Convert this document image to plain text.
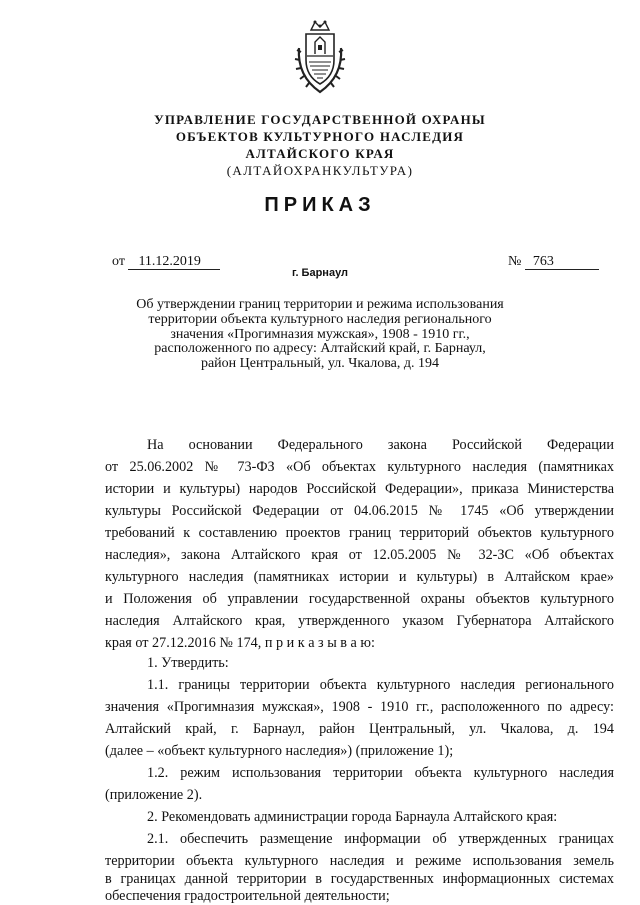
УПРАВЛЕНИЕ ГОСУДАРСТВЕННОЙ ОХРАНЫ
ОБЪЕКТОВ КУЛЬТУРНОГО НАСЛЕДИЯ
АЛТАЙСКОГО КРАЯ
(АЛТАЙОХРАНКУЛЬТУРА)
ПРИКАЗ
от 11.12.2019	№ 763
г. Барнаул
Об утверждении границ территории и режима использования
территории объекта культурного наследия регионального
значения «Прогимназия мужская», 1908 - 1910 гг.,
расположенного по адресу: Алтайский край, г. Барнаул,
район Центральный, ул. Чкалова, д. 194
На основании Федерального закона Российской Федерации
от 25.06.2002 № 73-ФЗ «Об объектах культурного наследия (памятниках
истории и культуры) народов Российской Федерации», приказа Министерства
культуры Российской Федерации от 04.06.2015 № 1745 «Об утверждении
требований к составлению проектов границ территорий объектов культурного
наследия», закона Алтайского края от 12.05.2005 № 32-ЗС «Об объектах
культурного наследия (памятниках истории и культуры) в Алтайском крае»
и Положения об управлении государственной охраны объектов культурного
наследия Алтайского края, утвержденного указом Губернатора Алтайского
края от 27.12.2016 № 174, п р и к а з ы в а ю:
1. Утвердить:
1.1. границы территории объекта культурного наследия регионального
значения «Прогимназия мужская», 1908 - 1910 гг., расположенного по адресу:
Алтайский край, г. Барнаул, район Центральный, ул. Чкалова, д. 194
(далее – «объект культурного наследия») (приложение 1);
1.2. режим использования территории объекта культурного наследия
(приложение 2).
2. Рекомендовать администрации города Барнаула Алтайского края:
2.1. обеспечить размещение информации об утвержденных границах
территории объекта культурного наследия и режиме использования земель
в границах данной территории в государственных информационных системах
обеспечения градостроительной деятельности;
